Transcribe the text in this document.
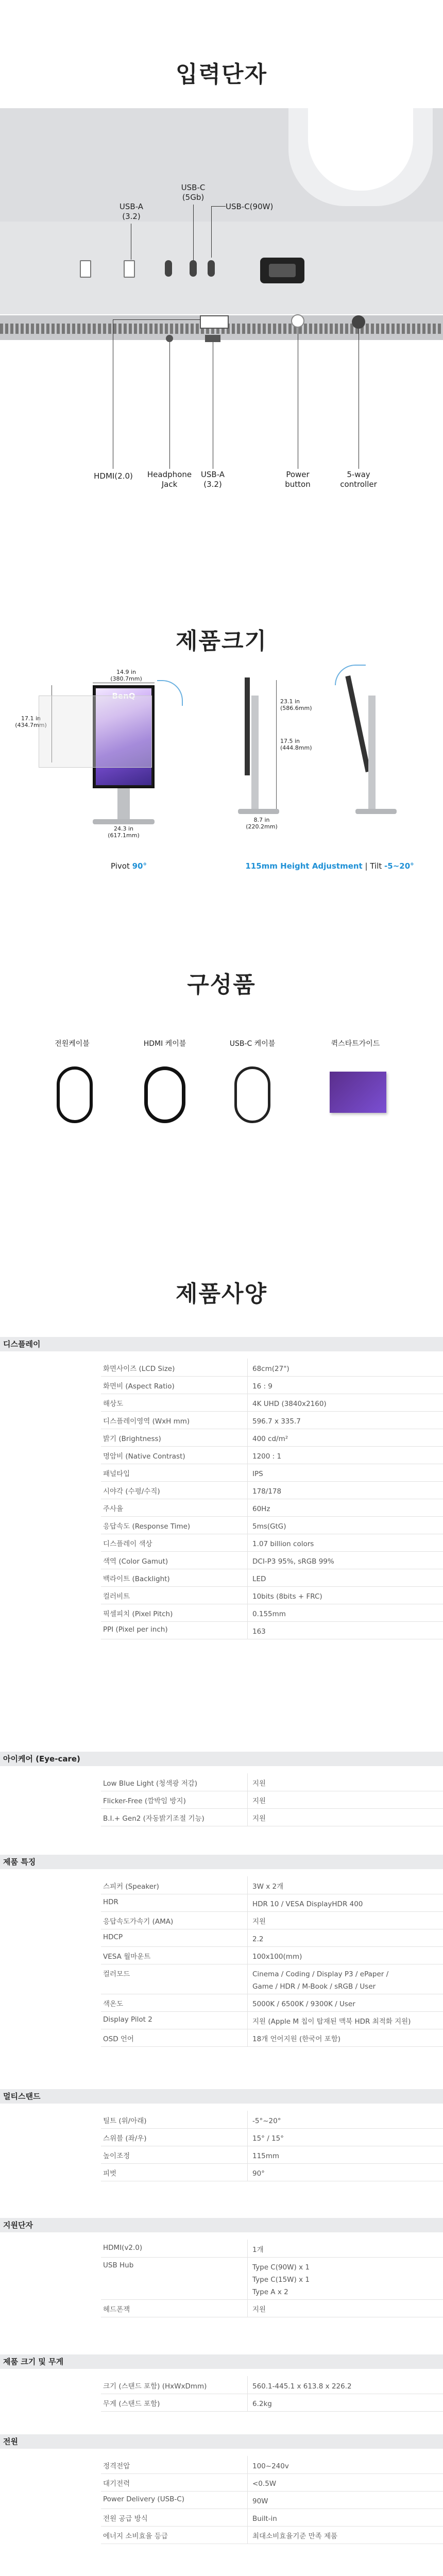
입력단자
USB-A
(3.2)
USB-C
(5Gb)
USB-C(90W)
HDMI(2.0)	Headphone
Jack
USB-A
(3.2)
Power
button
5-way
controller
제품크기
14.9 in
(380.7mm)
17.1 in
(434.7mm)
BenQ
24.3 in
(617.1mm)
23.1 in
(586.6mm)
17.5 in
(444.8mm)
8.7 in
(220.2mm)
Pivot 90°	115mm Height Adjustment | Tilt -5~20°
구성품
전원케이블	HDMI 케이블	USB-C 케이블	퀵스타트가이드
제품사양
디스플레이
화면사이즈 (LCD Size)	68cm(27")
화면비 (Aspect Ratio)	16 : 9
해상도	4K UHD (3840x2160)
디스플레이영역 (WxH mm)	596.7 x 335.7
밝기 (Brightness)	400 cd/m²
명암비 (Native Contrast)	1200 : 1
패널타입	IPS
시야각 (수평/수직)	178/178
주사율	60Hz
응답속도 (Response Time)	5ms(GtG)
디스플레이 색상	1.07 billion colors
색역 (Color Gamut)	DCI-P3 95%, sRGB 99%
백라이트 (Backlight)	LED
컬러비트	10bits (8bits + FRC)
픽셀피치 (Pixel Pitch)	0.155mm
PPI (Pixel per inch)	163
아이케어 (Eye-care)
Low Blue Light (청색광 저감)	지원
Flicker-Free (깜박임 방지)	지원
B.I.+ Gen2 (자동밝기조절 기능)	지원
제품 특징
스피커 (Speaker)	3W x 2개
HDR	HDR 10 / VESA DisplayHDR 400
응답속도가속기 (AMA)	지원
HDCP	2.2
VESA 월마운트	100x100(mm)
컬러모드	Cinema / Coding / Display P3 / ePaper /
Game / HDR / M-Book / sRGB / User
색온도	5000K / 6500K / 9300K / User
Display Pilot 2	지원 (Apple M 칩이 탑재된 맥북 HDR 최적화 지원)
OSD 언어	18개 언어지원 (한국어 포함)
멀티스탠드
틸트 (위/아래)	-5°~20°
스위블 (좌/우)	15° / 15°
높이조정	115mm
피벗	90°
지원단자
HDMI(v2.0)	1개
USB Hub	Type C(90W) x 1
Type C(15W) x 1
Type A x 2
헤드폰잭	지원
제품 크기 및 무게
크기 (스탠드 포함) (HxWxDmm)	560.1-445.1 x 613.8 x 226.2
무게 (스탠드 포함)	6.2kg
전원
정격전압	100~240v
대기전력	<0.5W
Power Delivery (USB-C)	90W
전원 공급 방식	Built-in
에너지 소비효율 등급	최대소비효율기준 만족 제품
